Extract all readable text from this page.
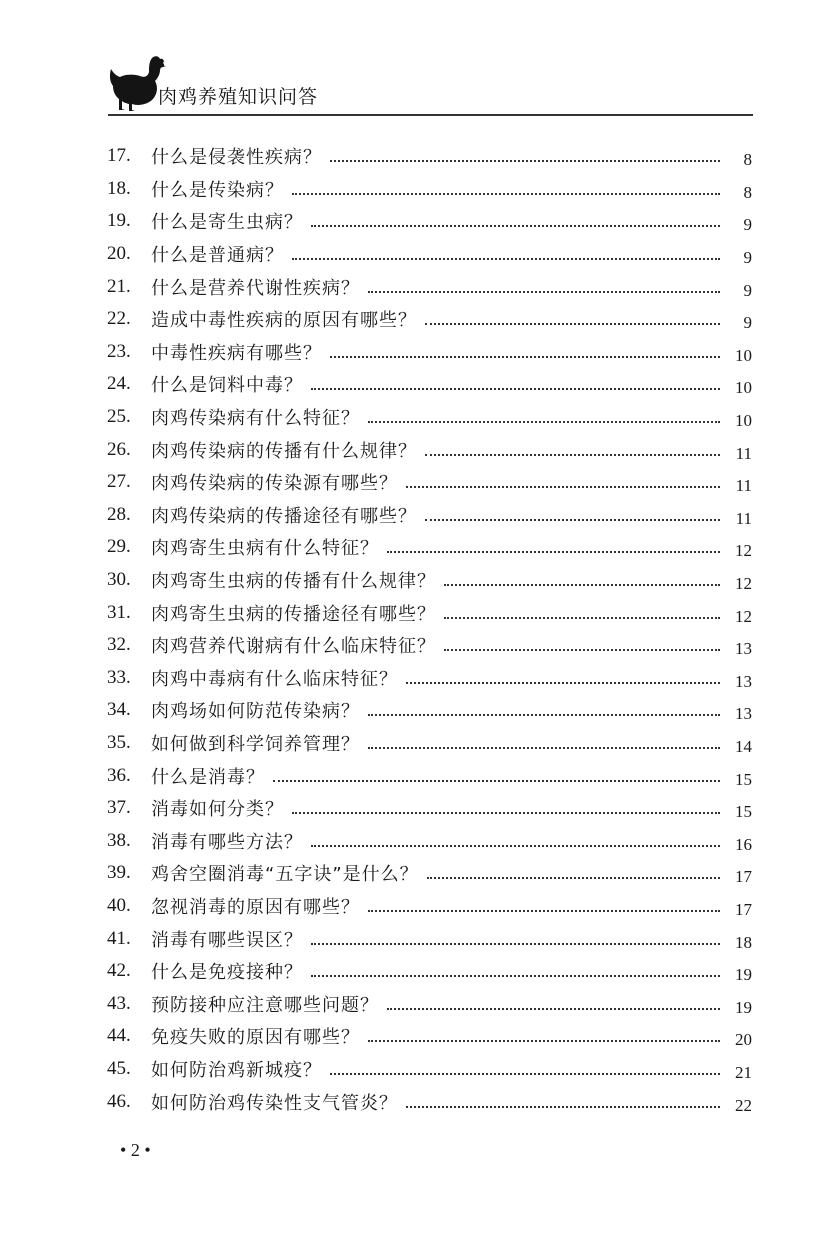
肉鸡养殖知识问答
17.	什么是侵袭性疾病？	8
18.	什么是传染病？	8
19.	什么是寄生虫病？	9
20.	什么是普通病？	9
21.	什么是营养代谢性疾病？	9
22.	造成中毒性疾病的原因有哪些？	9
23.	中毒性疾病有哪些？	10
24.	什么是饲料中毒？	10
25.	肉鸡传染病有什么特征？	10
26.	肉鸡传染病的传播有什么规律？	11
27.	肉鸡传染病的传染源有哪些？	11
28.	肉鸡传染病的传播途径有哪些？	11
29.	肉鸡寄生虫病有什么特征？	12
30.	肉鸡寄生虫病的传播有什么规律？	12
31.	肉鸡寄生虫病的传播途径有哪些？	12
32.	肉鸡营养代谢病有什么临床特征？	13
33.	肉鸡中毒病有什么临床特征？	13
34.	肉鸡场如何防范传染病？	13
35.	如何做到科学饲养管理？	14
36.	什么是消毒？	15
37.	消毒如何分类？	15
38.	消毒有哪些方法？	16
39.	鸡舍空圈消毒“五字诀”是什么？	17
40.	忽视消毒的原因有哪些？	17
41.	消毒有哪些误区？	18
42.	什么是免疫接种？	19
43.	预防接种应注意哪些问题？	19
44.	免疫失败的原因有哪些？	20
45.	如何防治鸡新城疫？	21
46.	如何防治鸡传染性支气管炎？	22
• 2 •
